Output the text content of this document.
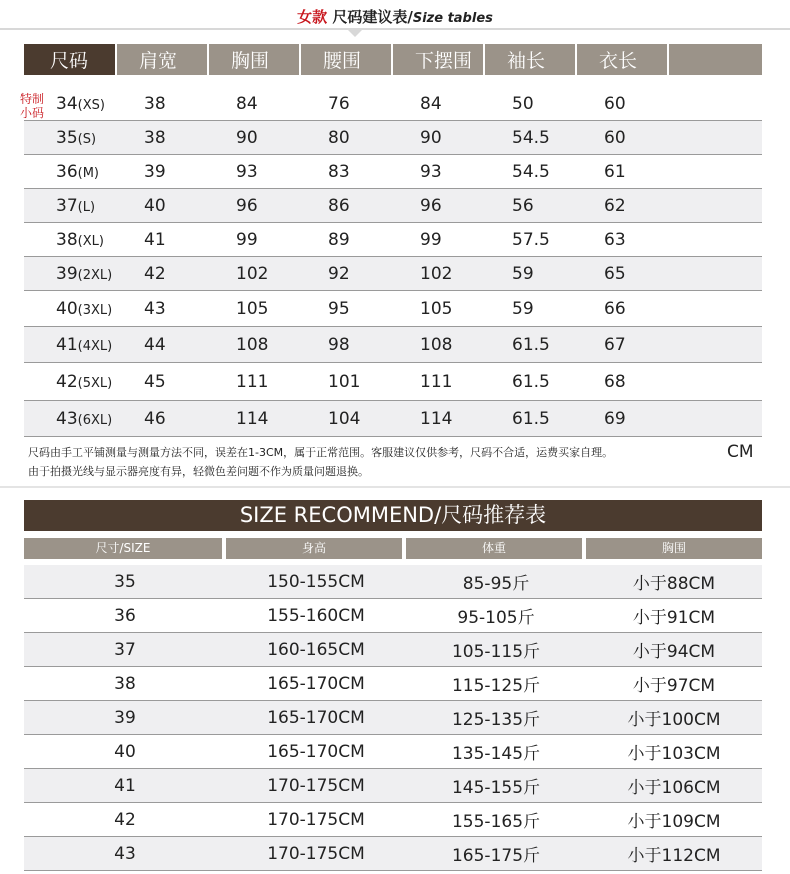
女款 尺码建议表/Size tables
尺码	肩宽	胸围	腰围	下摆围	袖长	衣长	

34(XS)	38	84	76	84	50	60	
35(S)	38	90	80	90	54.5	60	
36(M)	39	93	83	93	54.5	61	
37(L)	40	96	86	96	56	62	
38(XL)	41	99	89	99	57.5	63	
39(2XL)	42	102	92	102	59	65	
40(3XL)	43	105	95	105	59	66	
41(4XL)	44	108	98	108	61.5	67	
42(5XL)	45	111	101	111	61.5	68	
43(6XL)	46	114	104	114	61.5	69	
特制小码
尺码由手工平铺测量与测量方法不同，误差在1-3CM，属于正常范围。客服建议仅供参考，尺码不合适，运费买家自理。	CM
由于拍摄光线与显示器亮度有异，轻微色差问题不作为质量问题退换。
SIZE RECOMMEND/尺码推荐表
尺寸/SIZE	身高	体重	胸围

35	150-155CM	85-95斤	小于88CM
36	155-160CM	95-105斤	小于91CM
37	160-165CM	105-115斤	小于94CM
38	165-170CM	115-125斤	小于97CM
39	165-170CM	125-135斤	小于100CM
40	165-170CM	135-145斤	小于103CM
41	170-175CM	145-155斤	小于106CM
42	170-175CM	155-165斤	小于109CM
43	170-175CM	165-175斤	小于112CM
